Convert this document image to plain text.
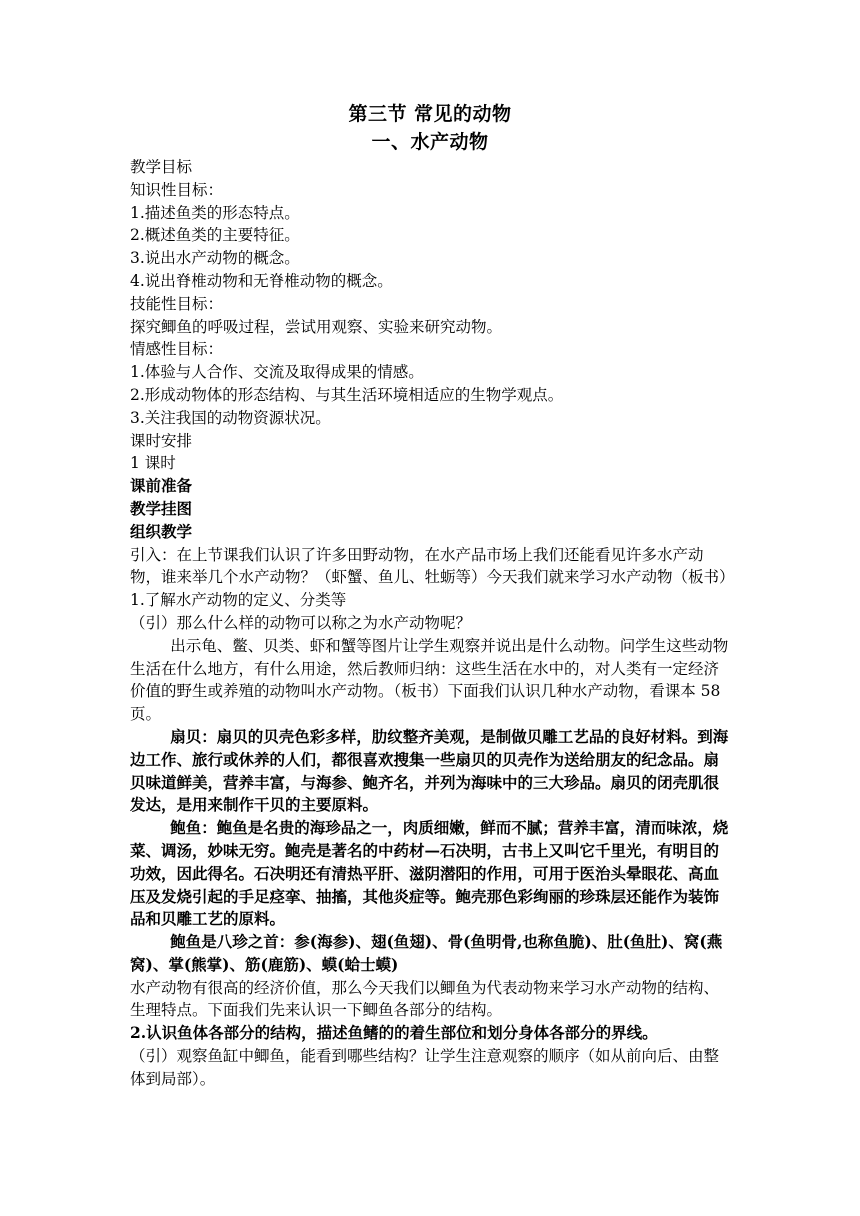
第三节 常见的动物
一、水产动物

教学目标

知识性目标：

1.描述鱼类的形态特点。

2.概述鱼类的主要特征。

3.说出水产动物的概念。

4.说出脊椎动物和无脊椎动物的概念。

技能性目标：

探究鲫鱼的呼吸过程，尝试用观察、实验来研究动物。

情感性目标：

1.体验与人合作、交流及取得成果的情感。

2.形成动物体的形态结构、与其生活环境相适应的生物学观点。

3.关注我国的动物资源状况。

课时安排

1 课时

课前准备

教学挂图

组织教学

引入：在上节课我们认识了许多田野动物，在水产品市场上我们还能看见许多水产动物，谁来举几个水产动物？（虾蟹、鱼儿、牡蛎等）今天我们就来学习水产动物（板书）

1.了解水产动物的定义、分类等

（引）那么什么样的动物可以称之为水产动物呢？

出示龟、鳖、贝类、虾和蟹等图片让学生观察并说出是什么动物。问学生这些动物生活在什么地方，有什么用途，然后教师归纳：这些生活在水中的，对人类有一定经济价值的野生或养殖的动物叫水产动物。（板书）下面我们认识几种水产动物，看课本 58 页。

扇贝：扇贝的贝壳色彩多样，肋纹整齐美观，是制做贝雕工艺品的良好材料。到海边工作、旅行或休养的人们，都很喜欢搜集一些扇贝的贝壳作为送给朋友的纪念品。扇贝味道鲜美，营养丰富，与海参、鲍齐名，并列为海味中的三大珍品。扇贝的闭壳肌很发达，是用来制作干贝的主要原料。

鲍鱼：鲍鱼是名贵的海珍品之一，肉质细嫩，鲜而不腻；营养丰富，清而味浓，烧菜、调汤，妙味无穷。鲍壳是著名的中药材—石决明，古书上又叫它千里光，有明目的功效，因此得名。石决明还有清热平肝、滋阴潜阳的作用，可用于医治头晕眼花、高血压及发烧引起的手足痉挛、抽搐，其他炎症等。鲍壳那色彩绚丽的珍珠层还能作为装饰品和贝雕工艺的原料。

鲍鱼是八珍之首：参(海参)、翅(鱼翅)、骨(鱼明骨,也称鱼脆)、肚(鱼肚)、窝(燕窝)、掌(熊掌)、筋(鹿筋)、蟆(蛤士蟆)

水产动物有很高的经济价值，那么今天我们以鲫鱼为代表动物来学习水产动物的结构、生理特点。下面我们先来认识一下鲫鱼各部分的结构。

2.认识鱼体各部分的结构，描述鱼鳍的的着生部位和划分身体各部分的界线。

（引）观察鱼缸中鲫鱼，能看到哪些结构？让学生注意观察的顺序（如从前向后、由整体到局部）。
